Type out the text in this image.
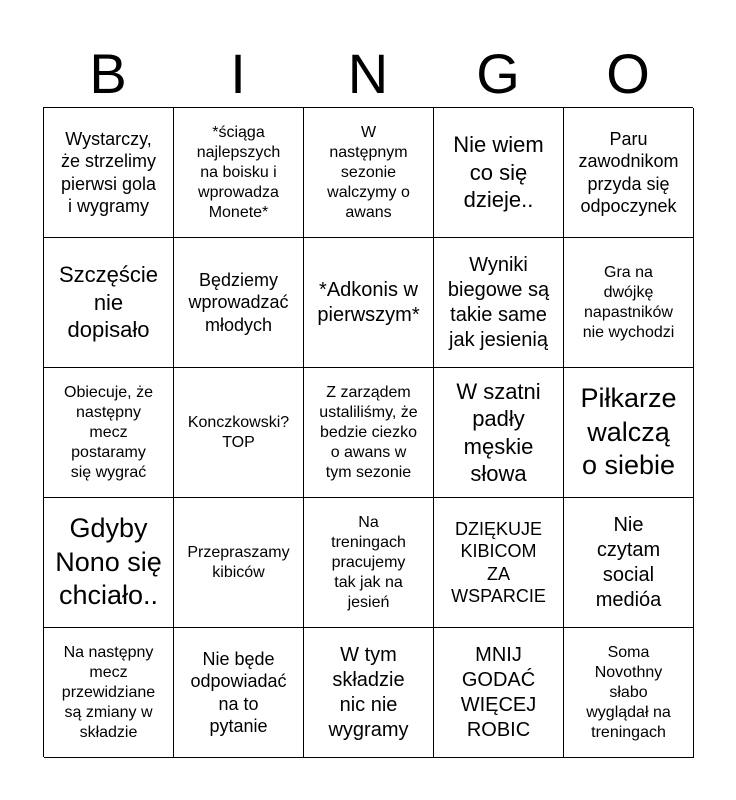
B	I	N	G	O
Wystarczy,
że strzelimy
pierwsi gola
i wygramy
*ściąga
najlepszych
na boisku i
wprowadza
Monete*
W
następnym
sezonie
walczymy o
awans
Nie wiem
co się
dzieje..
Paru
zawodnikom
przyda się
odpoczynek
Szczęście
nie
dopisało
Będziemy
wprowadzać
młodych
*Adkonis w
pierwszym*
Wyniki
biegowe są
takie same
jak jesienią
Gra na
dwójkę
napastników
nie wychodzi
Obiecuje, że
następny
mecz
postaramy
się wygrać
Konczkowski?
TOP
Z zarządem
ustaliliśmy, że
bedzie ciezko
o awans w
tym sezonie
W szatni
padły
męskie
słowa
Piłkarze
walczą
o siebie
Gdyby
Nono się
chciało..
Przepraszamy
kibiców
Na
treningach
pracujemy
tak jak na
jesień
DZIĘKUJE
KIBICOM
ZA
WSPARCIE
Nie
czytam
social
medióa
Na następny
mecz
przewidziane
są zmiany w
składzie
Nie będe
odpowiadać
na to
pytanie
W tym
składzie
nic nie
wygramy
MNIJ
GODAĆ
WIĘCEJ
ROBIC
Soma
Novothny
słabo
wyglądał na
treningach
